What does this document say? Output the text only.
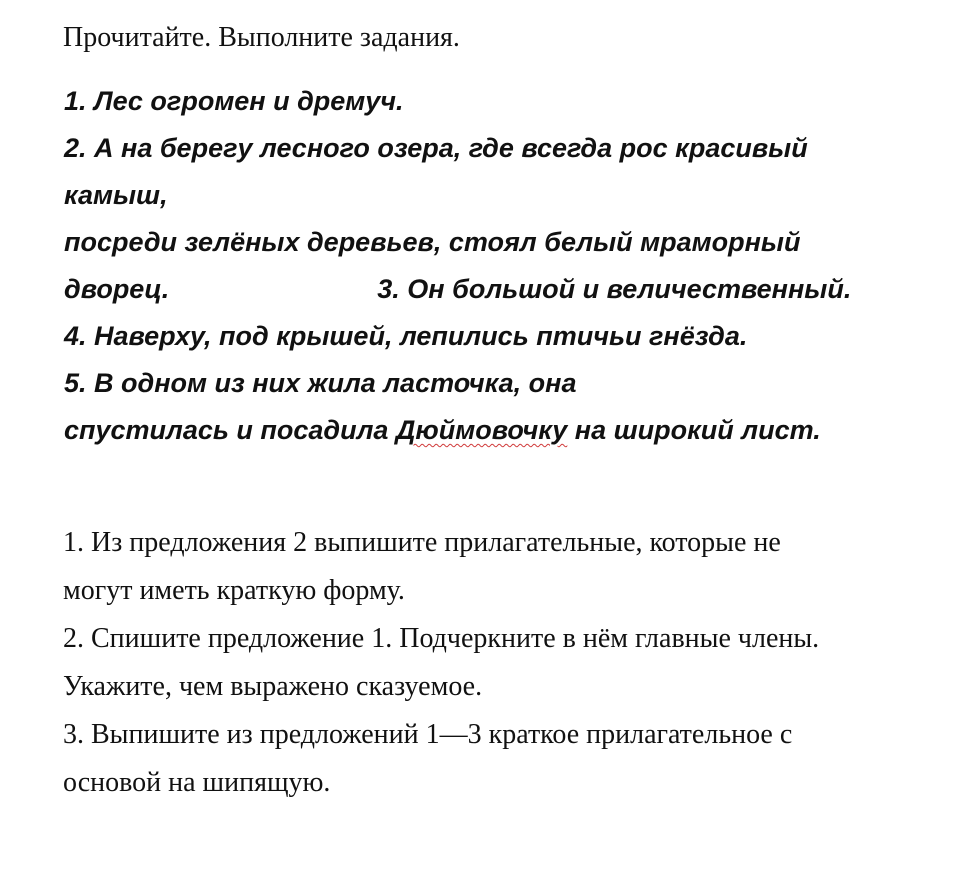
Прочитайте. Выполните задания.
1. Лес огромен и дремуч.
2. А на берегу лесного озера, где всегда рос красивый
камыш,
посреди зелёных деревьев, стоял белый мраморный
дворец.	3. Он большой и величественный.
4. Наверху, под крышей, лепились птичьи гнёзда.
5. В одном из них жила ласточка, она
спустилась и посадила Дюймовочку на широкий лист.
1. Из предложения 2 выпишите прилагательные, которые не
могут иметь краткую форму.
2. Спишите предложение 1. Подчеркните в нём главные члены.
Укажите, чем выражено сказуемое.
3. Выпишите из предложений 1—3 краткое прилагательное с
основой на шипящую.
